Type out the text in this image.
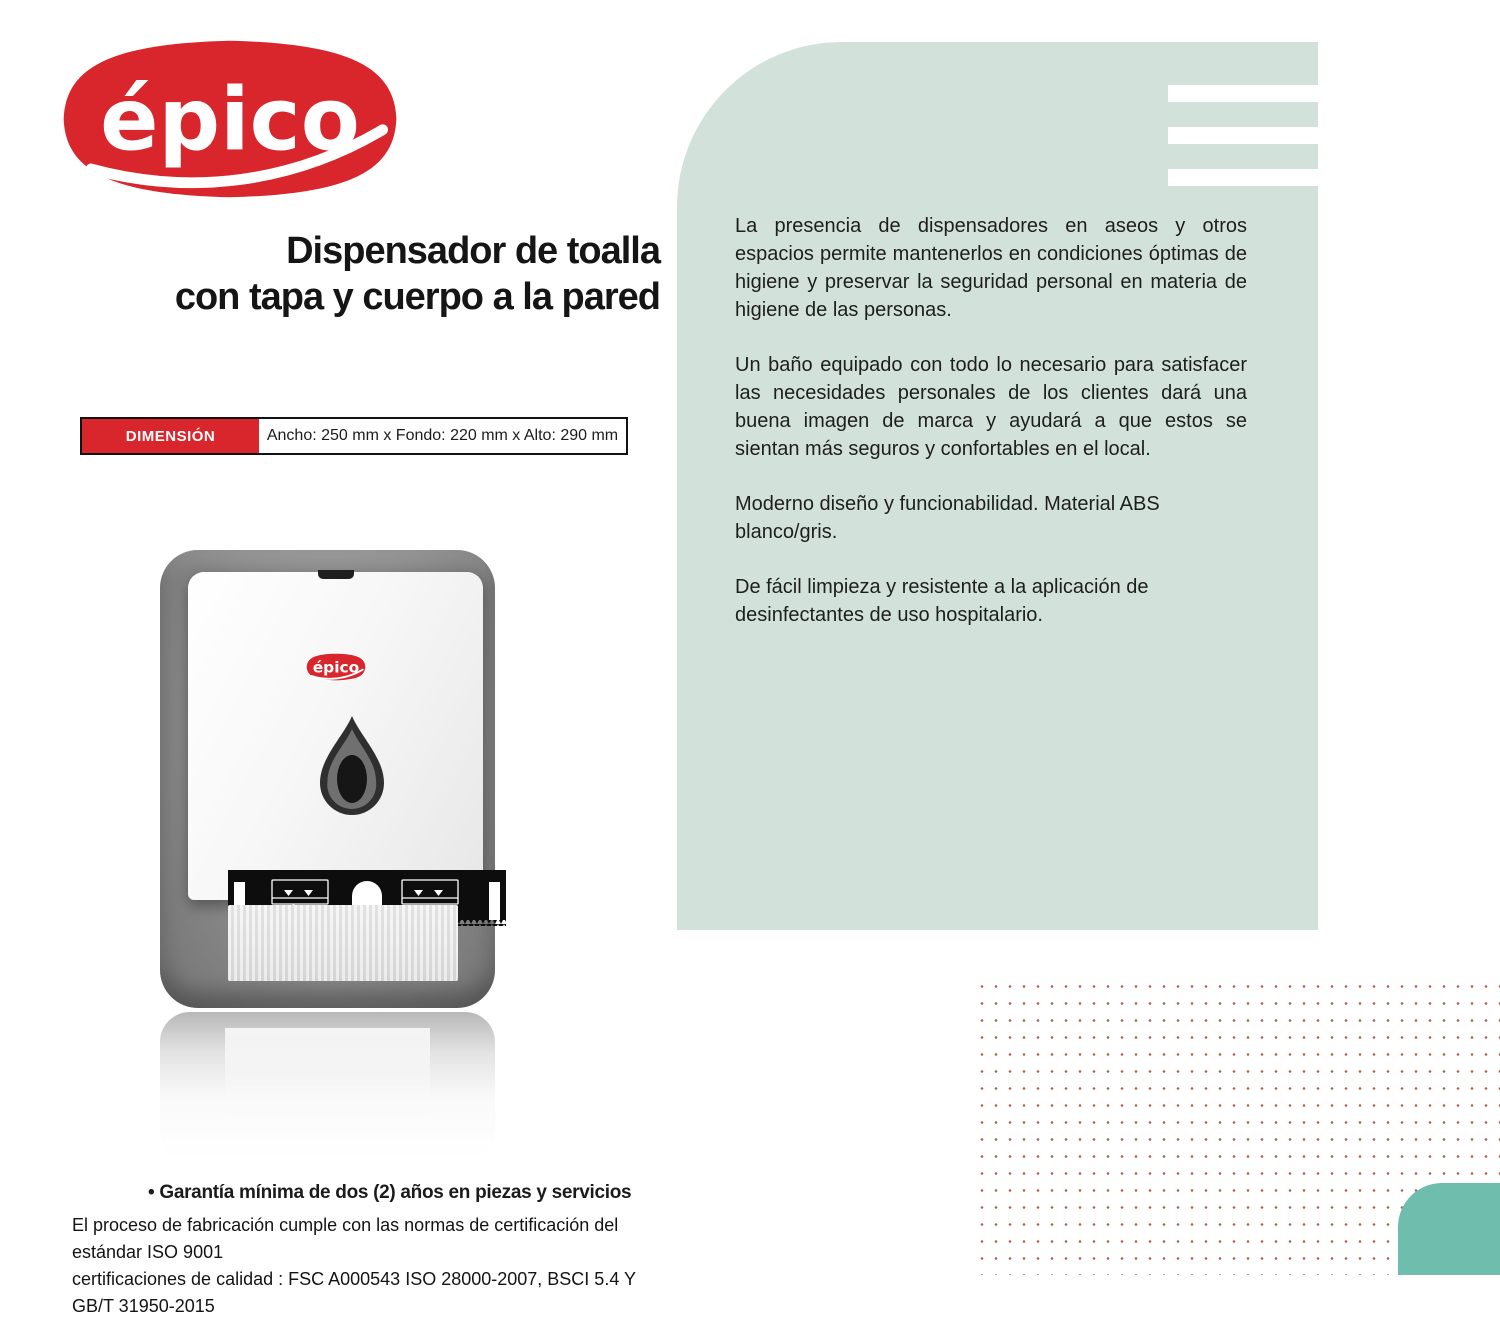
épico
Dispensador de toalla
con tapa y cuerpo a la pared
DIMENSIÓN	Ancho: 250 mm x Fondo: 220 mm x Alto: 290 mm

La presencia de dispensadores en aseos y otros espacios permite mantenerlos en condiciones óptimas de higiene y preservar la seguridad personal en materia de higiene de las personas.

Un baño equipado con todo lo necesario para satisfacer las necesidades personales de los clientes dará una buena imagen de marca y ayudará a que estos se sientan más seguros y confortables en el local.

Moderno diseño y funcionabilidad. Material ABS blanco/gris.

De fácil limpieza y resistente a la aplicación de desinfectantes de uso hospitalario.

épico
• Garantía mínima de dos (2) años en piezas y servicios
El proceso de fabricación cumple con las normas de certificación del estándar ISO 9001
certificaciones de calidad : FSC A000543 ISO 28000-2007, BSCI 5.4 Y GB/T 31950-2015
